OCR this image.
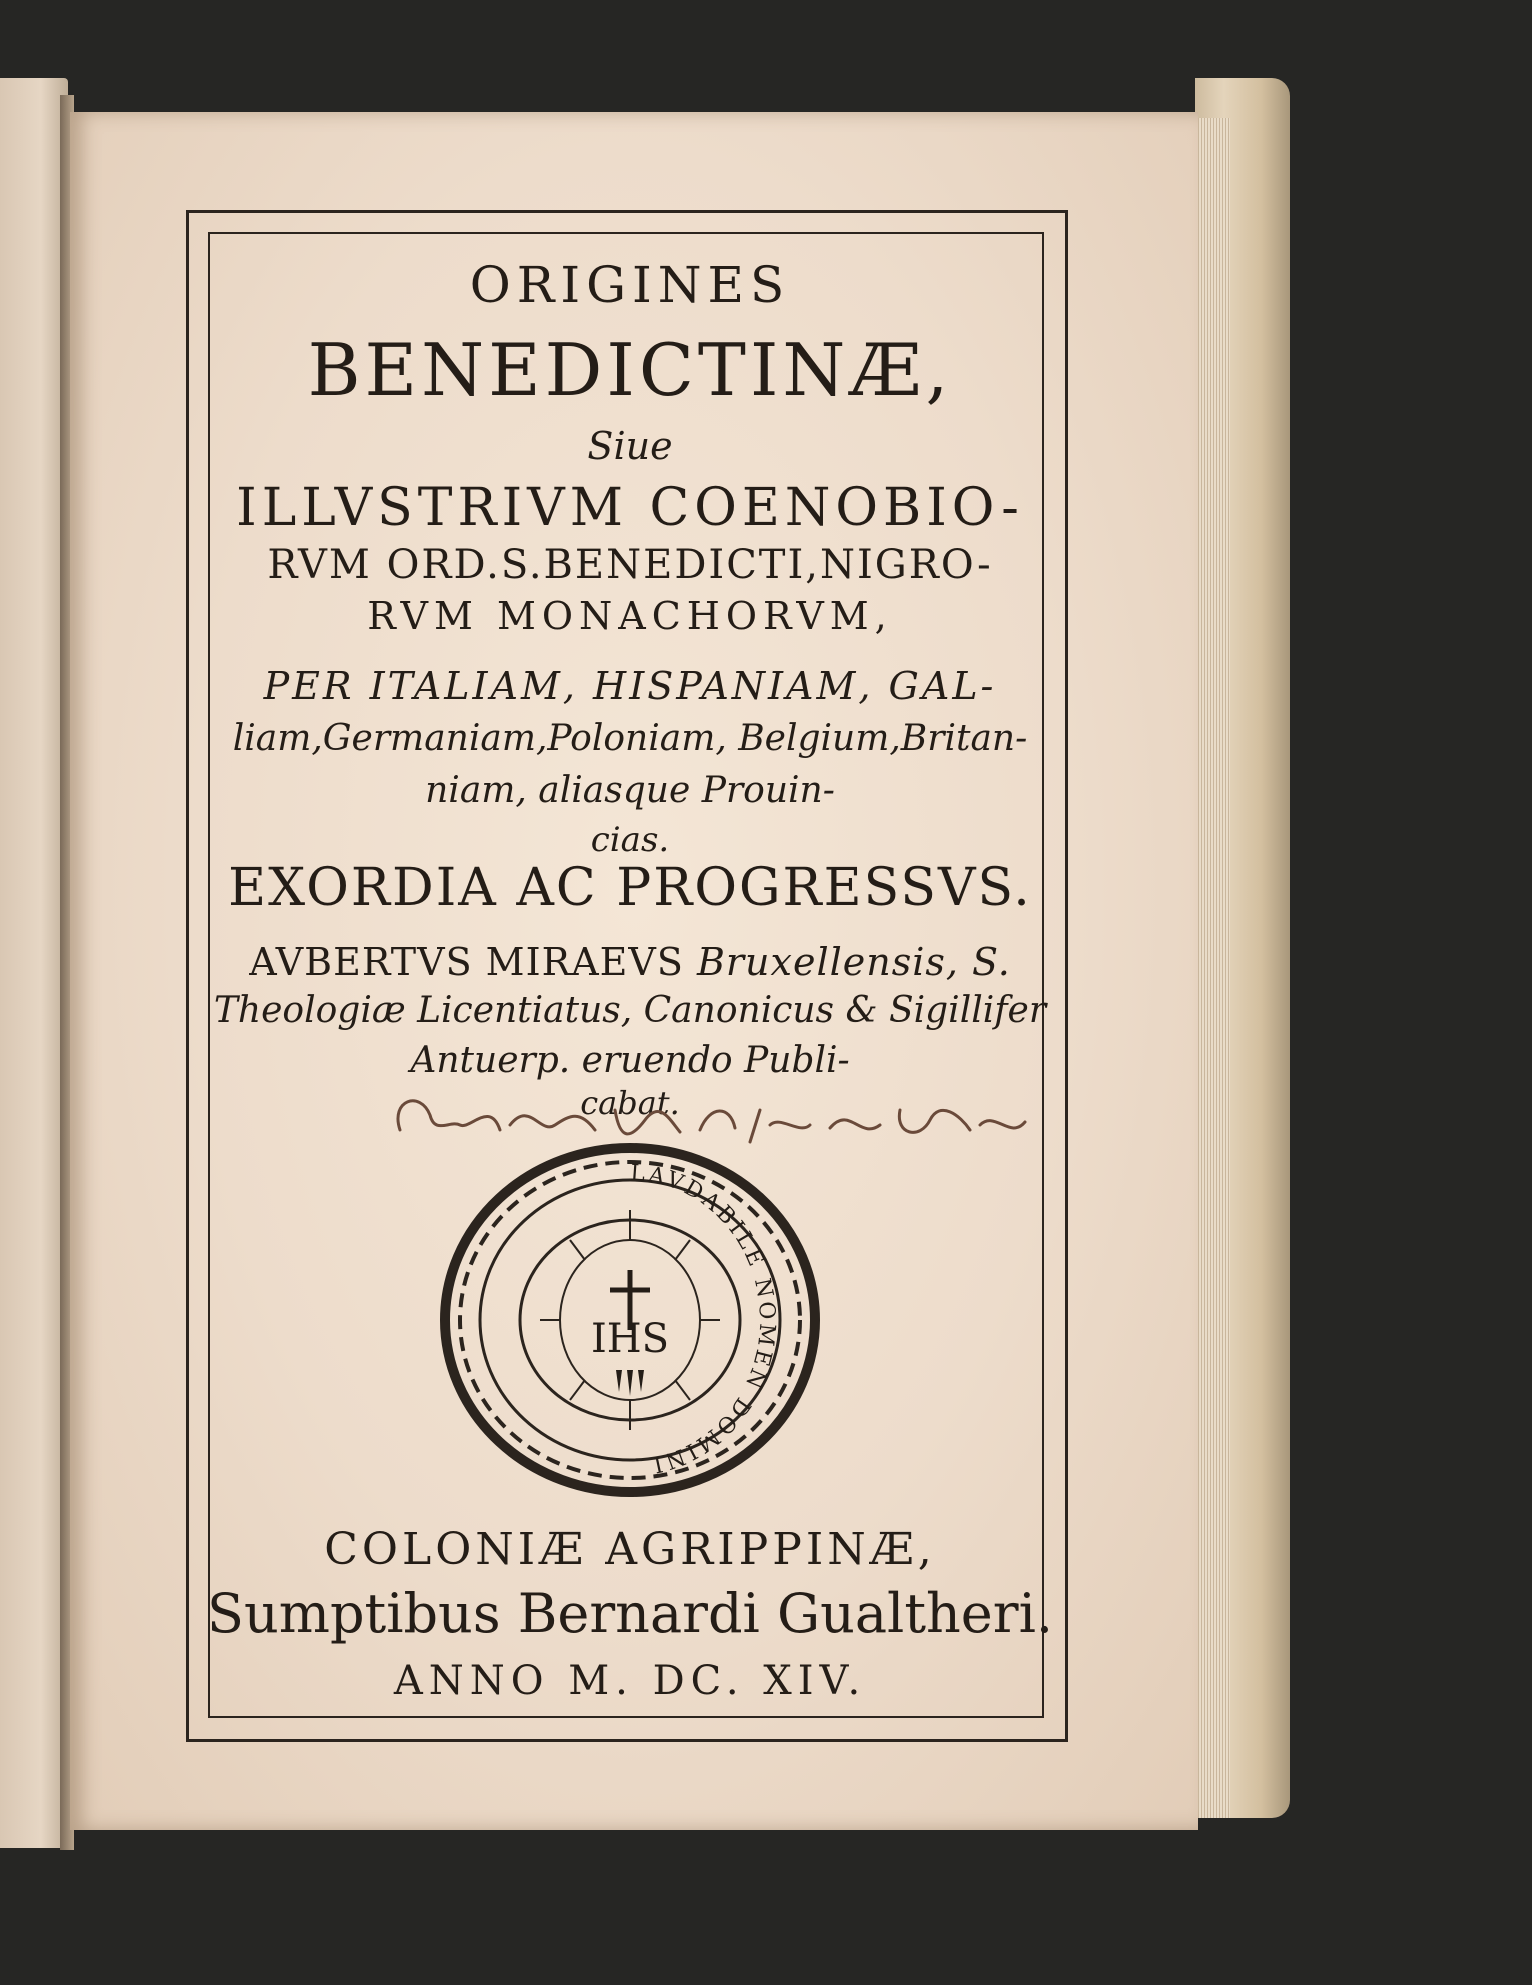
ORIGINES
BENEDICTINÆ,
Siue
ILLVSTRIVM COENOBIO-
RVM ORD.S.BENEDICTI,NIGRO-
RVM MONACHORVM,
PER ITALIAM, HISPANIAM, GAL-
liam,Germaniam,Poloniam, Belgium,Britan-
niam, aliasque Prouin-
cias.
EXORDIA AC PROGRESSVS.
AVBERTVS MIRAEVS Bruxellensis, S.
Theologiæ Licentiatus, Canonicus & Sigillifer
Antuerp. eruendo Publi-
cabat.
LAVDABILE NOMEN DOMINI
IHS
COLONIÆ AGRIPPINÆ,
Sumptibus Bernardi Gualtheri.
ANNO M. DC. XIV.
